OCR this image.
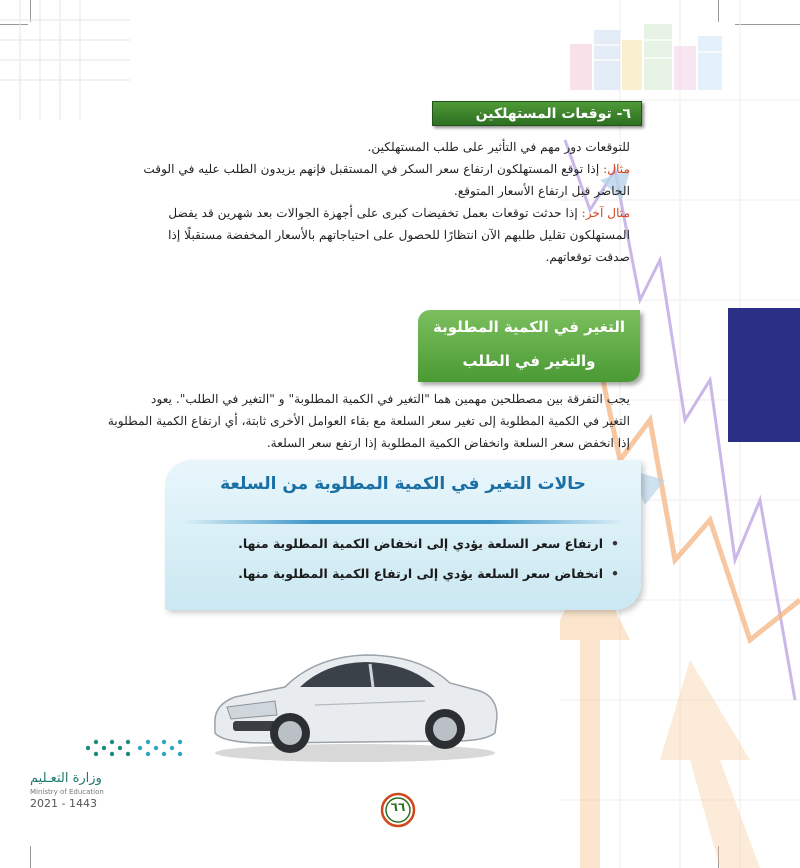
٦- توقعات المستهلكين
للتوقعات دور مهم في التأثير على طلب المستهلكين.
مثال: إذا توقع المستهلكون ارتفاع سعر السكر في المستقبل فإنهم يزيدون الطلب عليه في الوقت
الحاضر قبل ارتفاع الأسعار المتوقع.
مثال آخر: إذا حدثت توقعات بعمل تخفيضات كبرى على أجهزة الجوالات بعد شهرين قد يفضل
المستهلكون تقليل طلبهم الآن انتظارًا للحصول على احتياجاتهم بالأسعار المخفضة مستقبلًا إذا
صدقت توقعاتهم.
التغير في الكمية المطلوبة
والتغير في الطلب
يجب التفرقة بين مصطلحين مهمين هما "التغير في الكمية المطلوبة" و "التغير في الطلب". يعود
التغير في الكمية المطلوبة إلى تغير سعر السلعة مع بقاء العوامل الأخرى ثابتة، أي ارتفاع الكمية المطلوبة
إذا انخفض سعر السلعة وانخفاض الكمية المطلوبة إذا ارتفع سعر السلعة.
حالات التغير في الكمية المطلوبة من السلعة
•ارتفاع سعر السلعة يؤدي إلى انخفاض الكمية المطلوبة منها.
•انخفاض سعر السلعة يؤدي إلى ارتفاع الكمية المطلوبة منها.
وزارة التعـليم
Ministry of Education
2021 - 1443	٦٦
